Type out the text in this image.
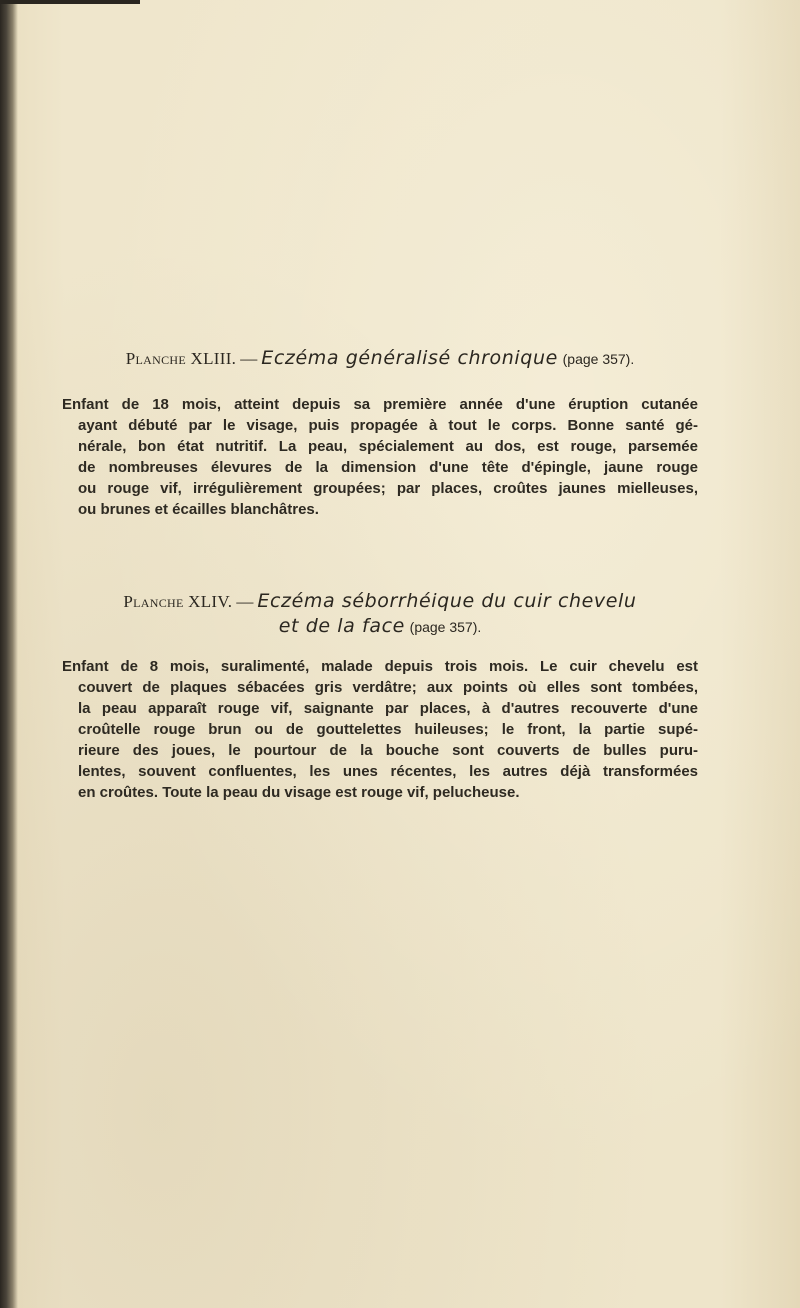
Planche XLIII. — Eczéma généralisé chronique (page 357).
Enfant de 18 mois, atteint depuis sa première année d'une éruption cutanée
ayant débuté par le visage, puis propagée à tout le corps. Bonne santé gé-
nérale, bon état nutritif. La peau, spécialement au dos, est rouge, parsemée
de nombreuses élevures de la dimension d'une tête d'épingle, jaune rouge
ou rouge vif, irrégulièrement groupées; par places, croûtes jaunes mielleuses,
ou brunes et écailles blanchâtres.
Planche XLIV. — Eczéma séborrhéique du cuir chevelu
et de la face (page 357).
Enfant de 8 mois, suralimenté, malade depuis trois mois. Le cuir chevelu est
couvert de plaques sébacées gris verdâtre; aux points où elles sont tombées,
la peau apparaît rouge vif, saignante par places, à d'autres recouverte d'une
croûtelle rouge brun ou de gouttelettes huileuses; le front, la partie supé-
rieure des joues, le pourtour de la bouche sont couverts de bulles puru-
lentes, souvent confluentes, les unes récentes, les autres déjà transformées
en croûtes. Toute la peau du visage est rouge vif, pelucheuse.
